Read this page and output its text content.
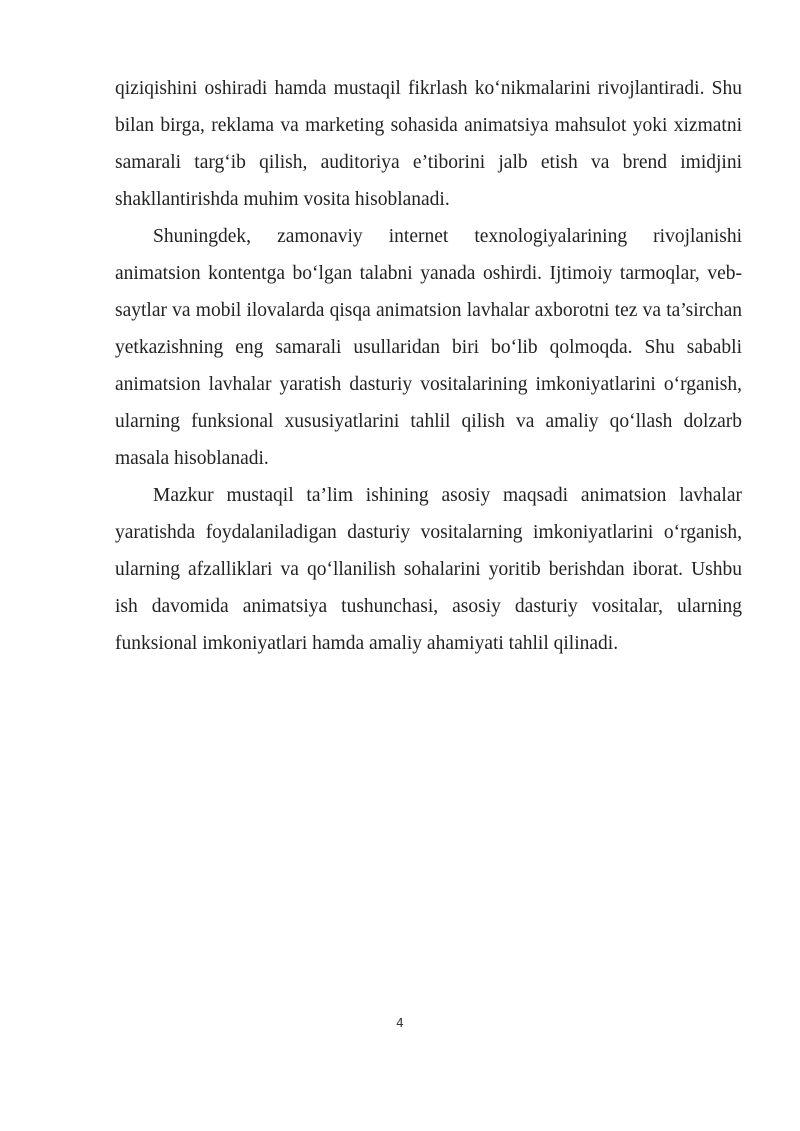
qiziqishini oshiradi hamda mustaqil fikrlash ko‘nikmalarini rivojlantiradi. Shu bilan birga, reklama va marketing sohasida animatsiya mahsulot yoki xizmatni samarali targ‘ib qilish, auditoriya e’tiborini jalb etish va brend imidjini shakllantirishda muhim vosita hisoblanadi.

Shuningdek, zamonaviy internet texnologiyalarining rivojlanishi animatsion kontentga bo‘lgan talabni yanada oshirdi. Ijtimoiy tarmoqlar, veb-saytlar va mobil ilovalarda qisqa animatsion lavhalar axborotni tez va ta’sirchan yetkazishning eng samarali usullaridan biri bo‘lib qolmoqda. Shu sababli animatsion lavhalar yaratish dasturiy vositalarining imkoniyatlarini o‘rganish, ularning funksional xususiyatlarini tahlil qilish va amaliy qo‘llash dolzarb masala hisoblanadi.

Mazkur mustaqil ta’lim ishining asosiy maqsadi animatsion lavhalar yaratishda foydalaniladigan dasturiy vositalarning imkoniyatlarini o‘rganish, ularning afzalliklari va qo‘llanilish sohalarini yoritib berishdan iborat. Ushbu ish davomida animatsiya tushunchasi, asosiy dasturiy vositalar, ularning funksional imkoniyatlari hamda amaliy ahamiyati tahlil qilinadi.

4
